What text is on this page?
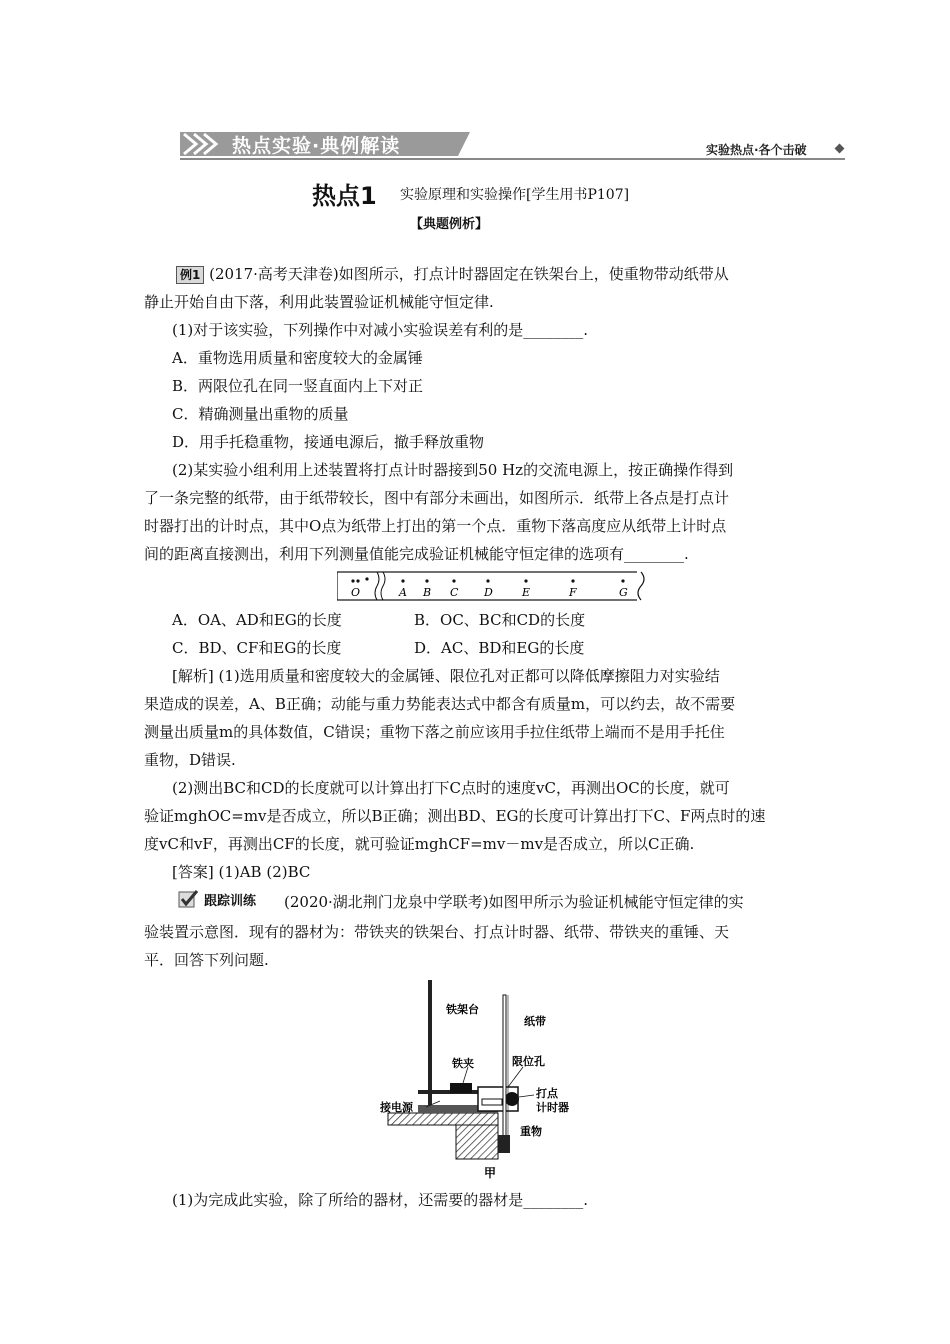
热点实验·典例解读	实验热点·各个击破
热点1 实验原理和实验操作[学生用书P107]
【典题例析】
例1 (2017·高考天津卷)如图所示，打点计时器固定在铁架台上，使重物带动纸带从
静止开始自由下落，利用此装置验证机械能守恒定律.
(1)对于该实验，下列操作中对减小实验误差有利的是________.
A．重物选用质量和密度较大的金属锤
B．两限位孔在同一竖直面内上下对正
C．精确测量出重物的质量
D．用手托稳重物，接通电源后，撤手释放重物
(2)某实验小组利用上述装置将打点计时器接到50 Hz的交流电源上，按正确操作得到
了一条完整的纸带，由于纸带较长，图中有部分未画出，如图所示．纸带上各点是打点计
时器打出的计时点，其中O点为纸带上打出的第一个点．重物下落高度应从纸带上计时点
间的距离直接测出，利用下列测量值能完成验证机械能守恒定律的选项有________.
O	A B C D	E	F	G
A．OA、AD和EG的长度	B．OC、BC和CD的长度
C．BD、CF和EG的长度	D．AC、BD和EG的长度
[解析] (1)选用质量和密度较大的金属锤、限位孔对正都可以降低摩擦阻力对实验结
果造成的误差，A、B正确；动能与重力势能表达式中都含有质量m，可以约去，故不需要
测量出质量m的具体数值，C错误；重物下落之前应该用手拉住纸带上端而不是用手托住
重物，D错误.
(2)测出BC和CD的长度就可以计算出打下C点时的速度vC，再测出OC的长度，就可
验证mghOC=mv是否成立，所以B正确；测出BD、EG的长度可计算出打下C、F两点时的速
度vC和vF，再测出CF的长度，就可验证mghCF=mv－mv是否成立，所以C正确.
[答案] (1)AB (2)BC
跟踪训练 (2020·湖北荆门龙泉中学联考)如图甲所示为验证机械能守恒定律的实
验装置示意图．现有的器材为：带铁夹的铁架台、打点计时器、纸带、带铁夹的重锤、天
平．回答下列问题.
铁架台
纸带
铁夹	限位孔
打点
计时器
接电源
重物
甲
(1)为完成此实验，除了所给的器材，还需要的器材是________.
